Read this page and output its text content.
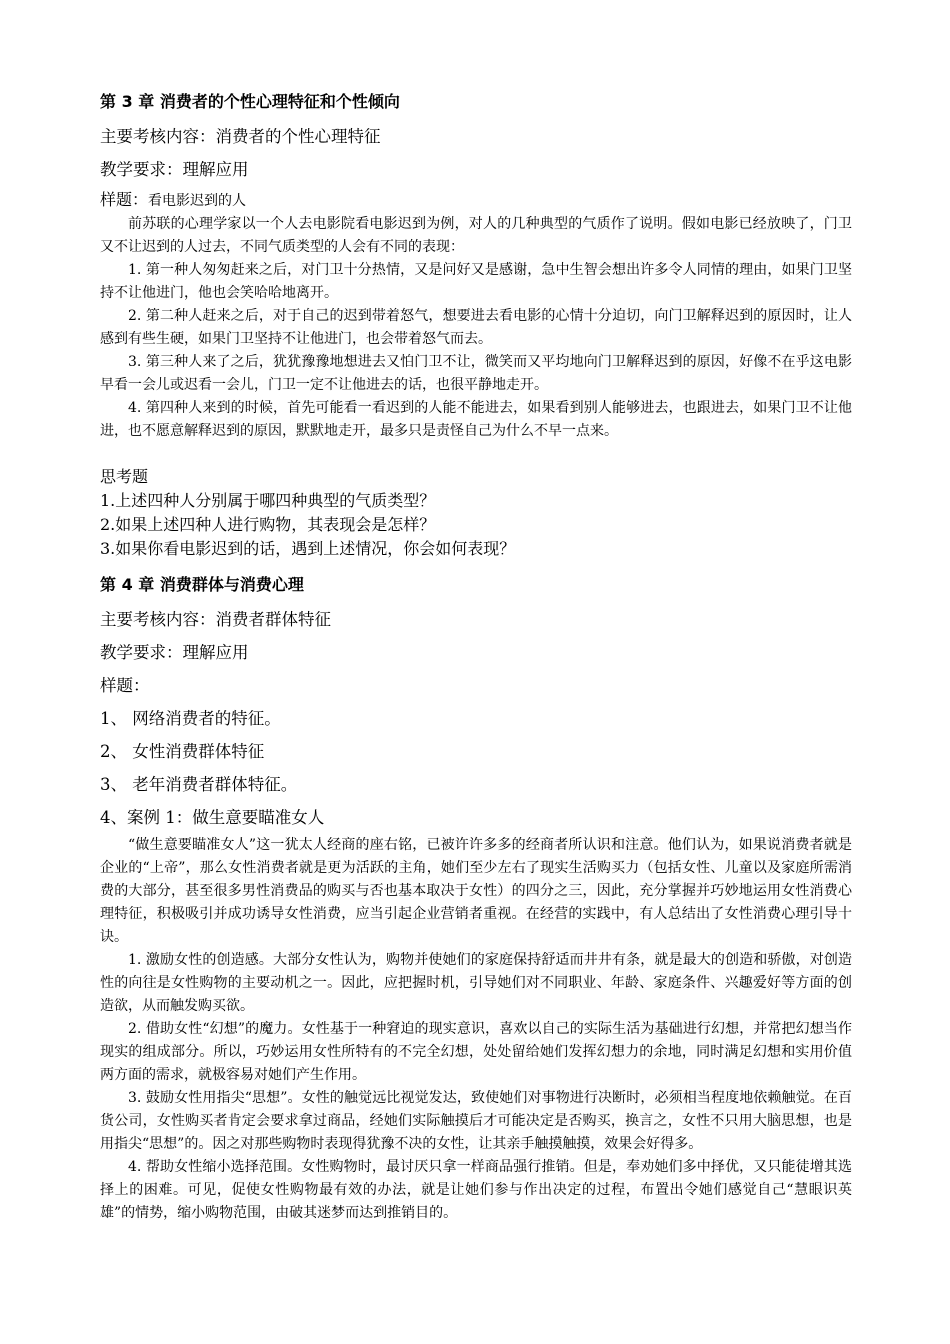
第 3 章 消费者的个性心理特征和个性倾向

主要考核内容：消费者的个性心理特征

教学要求：理解应用

样题：看电影迟到的人

前苏联的心理学家以一个人去电影院看电影迟到为例，对人的几种典型的气质作了说明。假如电影已经放映了，门卫又不让迟到的人过去，不同气质类型的人会有不同的表现：

1. 第一种人匆匆赶来之后，对门卫十分热情，又是问好又是感谢，急中生智会想出许多令人同情的理由，如果门卫坚持不让他进门，他也会笑哈哈地离开。

2. 第二种人赶来之后，对于自己的迟到带着怒气，想要进去看电影的心情十分迫切，向门卫解释迟到的原因时，让人感到有些生硬，如果门卫坚持不让他进门，也会带着怒气而去。

3. 第三种人来了之后，犹犹豫豫地想进去又怕门卫不让，微笑而又平均地向门卫解释迟到的原因，好像不在乎这电影早看一会儿或迟看一会儿，门卫一定不让他进去的话，也很平静地走开。

4. 第四种人来到的时候，首先可能看一看迟到的人能不能进去，如果看到别人能够进去，也跟进去，如果门卫不让他进，也不愿意解释迟到的原因，默默地走开，最多只是责怪自己为什么不早一点来。

思考题

1.上述四种人分别属于哪四种典型的气质类型？

2.如果上述四种人进行购物，其表现会是怎样？

3.如果你看电影迟到的话，遇到上述情况，你会如何表现？

第 4 章 消费群体与消费心理

主要考核内容：消费者群体特征

教学要求：理解应用

样题：

1、 网络消费者的特征。

2、 女性消费群体特征

3、 老年消费者群体特征。

4、案例 1：做生意要瞄准女人

“做生意要瞄准女人”这一犹太人经商的座右铭，已被许许多多的经商者所认识和注意。他们认为，如果说消费者就是企业的“上帝”，那么女性消费者就是更为活跃的主角，她们至少左右了现实生活购买力（包括女性、儿童以及家庭所需消费的大部分，甚至很多男性消费品的购买与否也基本取决于女性）的四分之三，因此，充分掌握并巧妙地运用女性消费心理特征，积极吸引并成功诱导女性消费，应当引起企业营销者重视。在经营的实践中，有人总结出了女性消费心理引导十诀。

1. 激励女性的创造感。大部分女性认为，购物并使她们的家庭保持舒适而井井有条，就是最大的创造和骄傲，对创造性的向往是女性购物的主要动机之一。因此，应把握时机，引导她们对不同职业、年龄、家庭条件、兴趣爱好等方面的创造欲，从而触发购买欲。

2. 借助女性“幻想”的魔力。女性基于一种窘迫的现实意识，喜欢以自己的实际生活为基础进行幻想，并常把幻想当作现实的组成部分。所以，巧妙运用女性所特有的不完全幻想，处处留给她们发挥幻想力的余地，同时满足幻想和实用价值两方面的需求，就极容易对她们产生作用。

3. 鼓励女性用指尖“思想”。女性的触觉远比视觉发达，致使她们对事物进行决断时，必须相当程度地依赖触觉。在百货公司，女性购买者肯定会要求拿过商品，经她们实际触摸后才可能决定是否购买，换言之，女性不只用大脑思想，也是用指尖“思想”的。因之对那些购物时表现得犹豫不决的女性，让其亲手触摸触摸，效果会好得多。

4. 帮助女性缩小选择范围。女性购物时，最讨厌只拿一样商品强行推销。但是，奉劝她们多中择优，又只能徒增其选择上的困难。可见，促使女性购物最有效的办法，就是让她们参与作出决定的过程，布置出令她们感觉自己“慧眼识英雄”的情势，缩小购物范围，由破其迷梦而达到推销目的。
